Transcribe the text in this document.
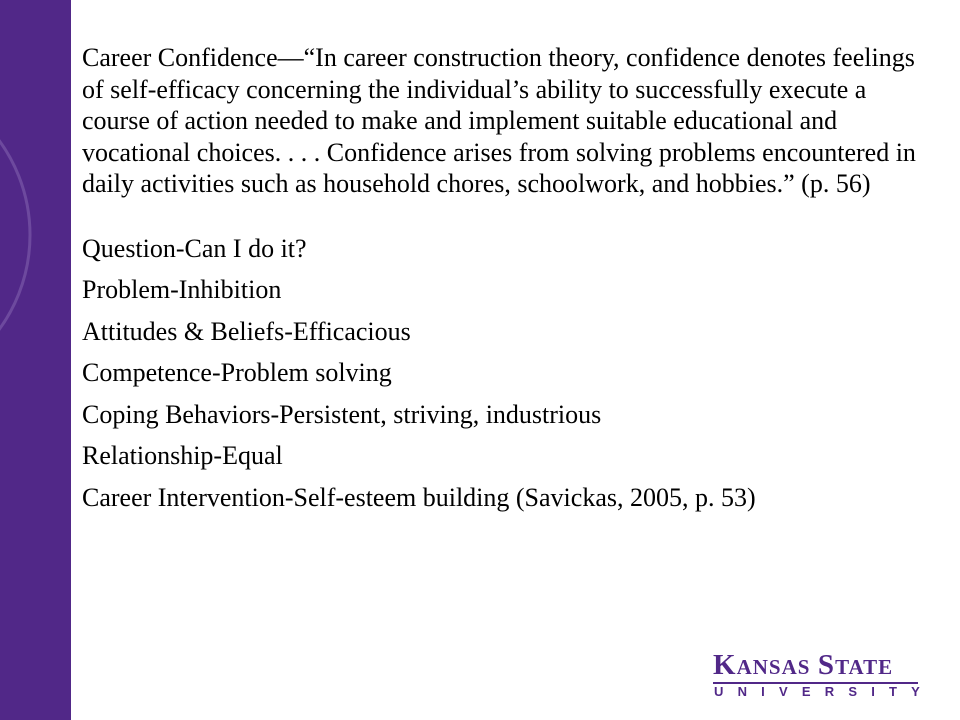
Career Confidence—“In career construction theory, confidence denotes feelings of self-efficacy concerning the individual’s ability to successfully execute a course of action needed to make and implement suitable educational and vocational choices. . . . Confidence arises from solving problems encountered in daily activities such as household chores, schoolwork, and hobbies.” (p. 56)

Question-Can I do it?
Problem-Inhibition
Attitudes & Beliefs-Efficacious
Competence-Problem solving
Coping Behaviors-Persistent, striving, industrious
Relationship-Equal
Career Intervention-Self-esteem building (Savickas, 2005, p. 53)
KANSAS STATE
UNIVERSITY
